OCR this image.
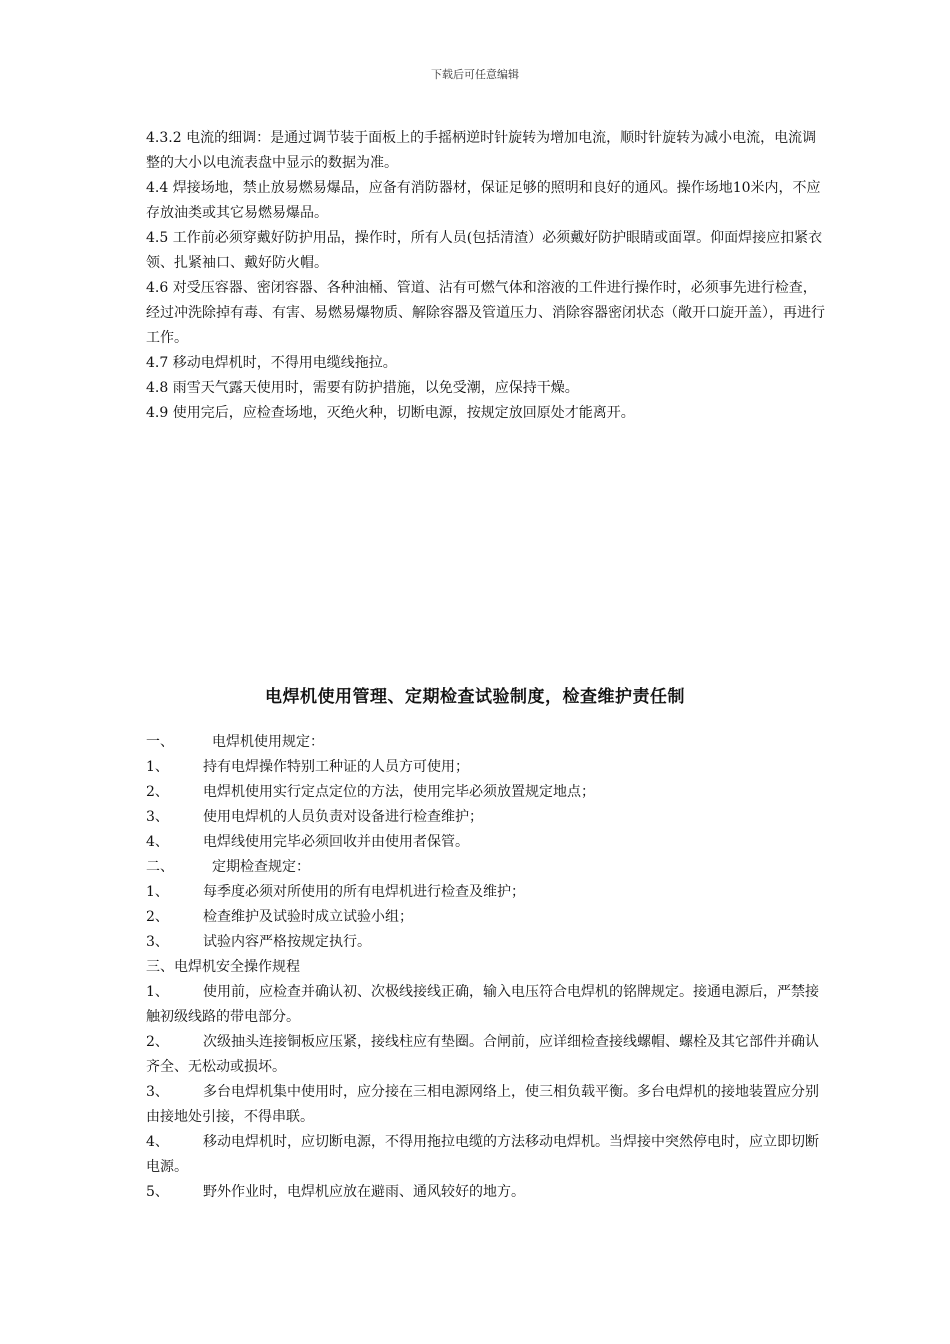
下载后可任意编辑

4.3.2 电流的细调：是通过调节装于面板上的手摇柄逆时针旋转为增加电流，顺时针旋转为减小电流，电流调整的大小以电流表盘中显示的数据为准。

4.4 焊接场地，禁止放易燃易爆品，应备有消防器材，保证足够的照明和良好的通风。操作场地10米内，不应存放油类或其它易燃易爆品。

4.5 工作前必须穿戴好防护用品，操作时，所有人员(包括清渣）必须戴好防护眼睛或面罩。仰面焊接应扣紧衣领、扎紧袖口、戴好防火帽。

4.6 对受压容器、密闭容器、各种油桶、管道、沾有可燃气体和溶液的工件进行操作时，必须事先进行检查，经过冲洗除掉有毒、有害、易燃易爆物质、解除容器及管道压力、消除容器密闭状态（敞开口旋开盖），再进行工作。

4.7 移动电焊机时，不得用电缆线拖拉。

4.8 雨雪天气露天使用时，需要有防护措施，以免受潮，应保持干燥。

4.9 使用完后，应检查场地，灭绝火种，切断电源，按规定放回原处才能离开。

电焊机使用管理、定期检查试验制度，检查维护责任制
一、	电焊机使用规定：
1、 持有电焊操作特别工种证的人员方可使用；
2、 电焊机使用实行定点定位的方法，使用完毕必须放置规定地点；
3、 使用电焊机的人员负责对设备进行检查维护；
4、 电焊线使用完毕必须回收并由使用者保管。
二、	定期检查规定：
1、 每季度必须对所使用的所有电焊机进行检查及维护；
2、 检查维护及试验时成立试验小组；
3、 试验内容严格按规定执行。
三、电焊机安全操作规程
1、 使用前，应检查并确认初、次极线接线正确，输入电压符合电焊机的铭牌规定。接通电源后，严禁接触初级线路的带电部分。
2、 次级抽头连接铜板应压紧，接线柱应有垫圈。合闸前，应详细检查接线螺帽、螺栓及其它部件并确认齐全、无松动或损坏。
3、 多台电焊机集中使用时，应分接在三相电源网络上，使三相负载平衡。多台电焊机的接地装置应分别由接地处引接，不得串联。
4、 移动电焊机时，应切断电源，不得用拖拉电缆的方法移动电焊机。当焊接中突然停电时，应立即切断电源。
5、 野外作业时，电焊机应放在避雨、通风较好的地方。
